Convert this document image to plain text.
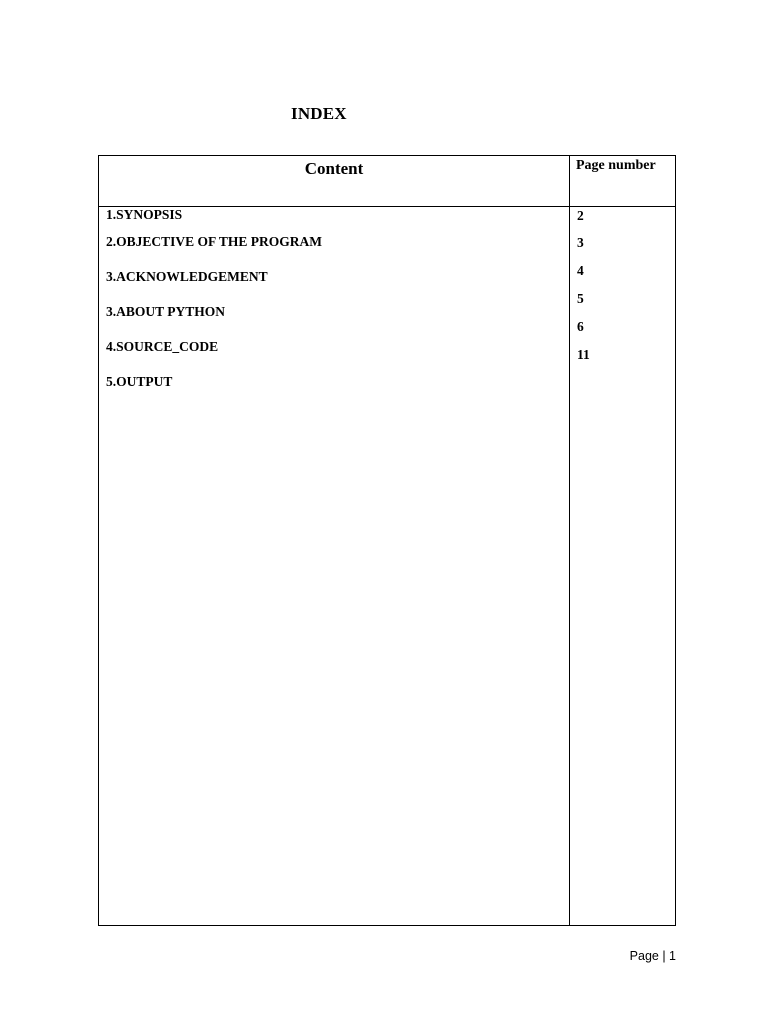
INDEX
Content	Page number
1.SYNOPSIS
2.OBJECTIVE OF THE PROGRAM
3.ACKNOWLEDGEMENT
3.ABOUT PYTHON
4.SOURCE_CODE
5.OUTPUT
2
3
4
5
6
11
Page | 1
